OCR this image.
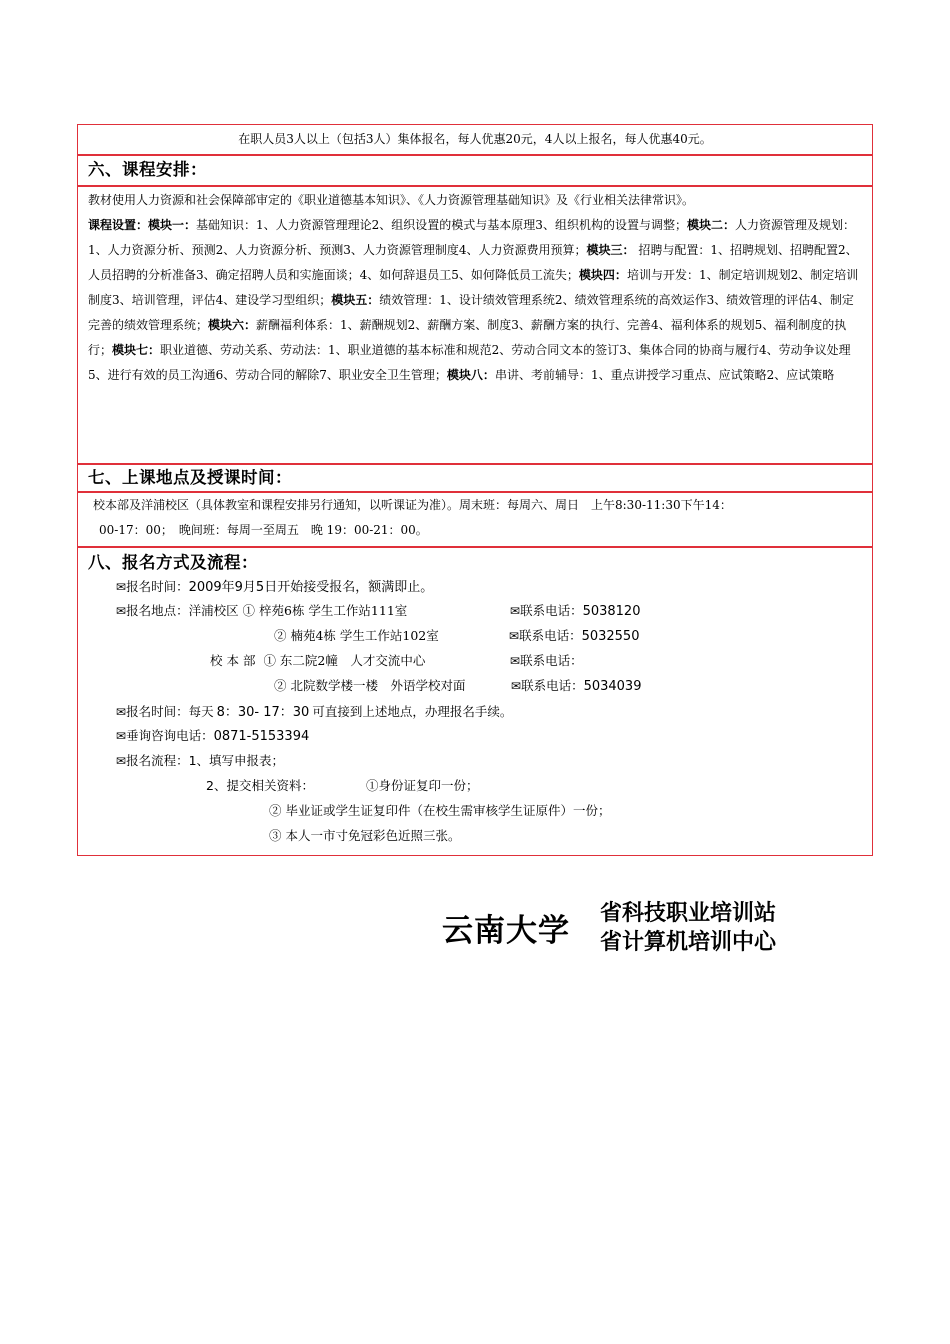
在职人员3人以上（包括3人）集体报名，每人优惠20元，4人以上报名，每人优惠40元。
六、课程安排：
教材使用人力资源和社会保障部审定的《职业道德基本知识》、《人力资源管理基础知识》及《行业相关法律常识》。
课程设置：模块一：基础知识：1、人力资源管理理论2、组织设置的模式与基本原理3、组织机构的设置与调整；模块二：人力资源管理及规划：1、人力资源分析、预测2、人力资源分析、预测3、人力资源管理制度4、人力资源费用预算；模块三： 招聘与配置：1、招聘规划、招聘配置2、人员招聘的分析准备3、确定招聘人员和实施面谈；4、如何辞退员工5、如何降低员工流失；模块四：培训与开发：1、制定培训规划2、制定培训制度3、培训管理，评估4、建设学习型组织；模块五：绩效管理：1、设计绩效管理系统2、绩效管理系统的高效运作3、绩效管理的评估4、制定完善的绩效管理系统；模块六：薪酬福利体系：1、薪酬规划2、薪酬方案、制度3、薪酬方案的执行、完善4、福利体系的规划5、福利制度的执行；模块七：职业道德、劳动关系、劳动法：1、职业道德的基本标准和规范2、劳动合同文本的签订3、集体合同的协商与履行4、劳动争议处理5、进行有效的员工沟通6、劳动合同的解除7、职业安全卫生管理；模块八：串讲、考前辅导：1、重点讲授学习重点、应试策略2、应试策略
七、上课地点及授课时间：
校本部及洋浦校区（具体教室和课程安排另行通知，以听课证为准）。周末班：每周六、周日　上午8:30-11:30下午14：
00-17：00；　晚间班：每周一至周五　晚 19：00-21：00。
八、报名方式及流程：
✉报名时间：2009年9月5日开始接受报名，额满即止。
✉报名地点：洋浦校区 ① 梓苑6栋 学生工作站111室	✉联系电话：5038120
② 楠苑4栋 学生工作站102室	✉联系电话：5032550
校 本 部 ① 东二院2幢　人才交流中心	✉联系电话：
② 北院数学楼一楼　外语学校对面	✉联系电话：5034039
✉报名时间：每天 8：30- 17：30 可直接到上述地点，办理报名手续。
✉垂询咨询电话：0871-5153394
✉报名流程：1、填写申报表；
2、提交相关资料：	①身份证复印一份；
② 毕业证或学生证复印件（在校生需审核学生证原件）一份；
③ 本人一市寸免冠彩色近照三张。
云南大学 省科技职业培训站
省计算机培训中心
